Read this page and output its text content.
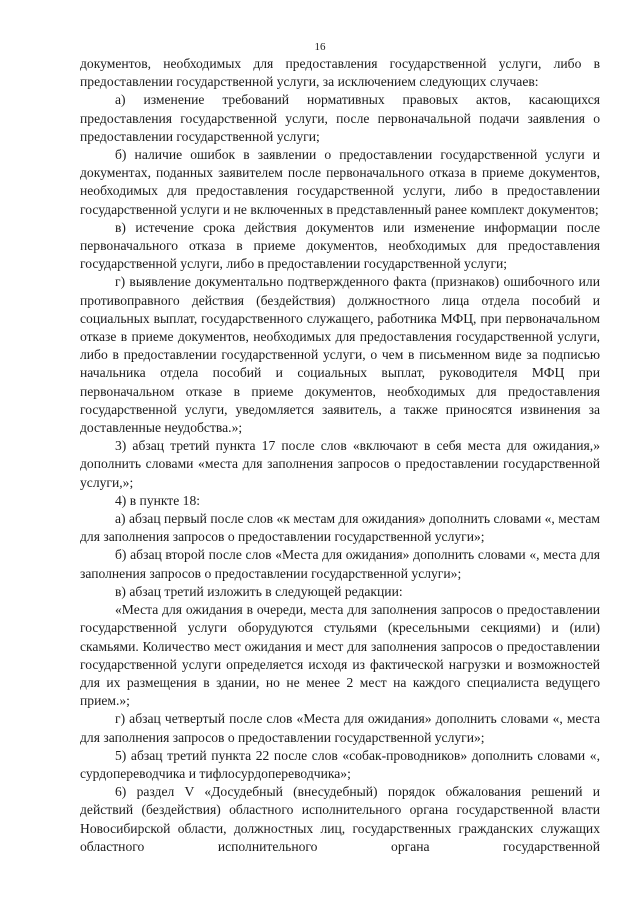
16

документов, необходимых для предоставления государственной услуги, либо в предоставлении государственной услуги, за исключением следующих случаев:

а) изменение требований нормативных правовых актов, касающихся предоставления государственной услуги, после первоначальной подачи заявления о предоставлении государственной услуги;

б) наличие ошибок в заявлении о предоставлении государственной услуги и документах, поданных заявителем после первоначального отказа в приеме документов, необходимых для предоставления государственной услуги, либо в предоставлении государственной услуги и не включенных в представленный ранее комплект документов;

в) истечение срока действия документов или изменение информации после первоначального отказа в приеме документов, необходимых для предоставления государственной услуги, либо в предоставлении государственной услуги;

г) выявление документально подтвержденного факта (признаков) ошибочного или противоправного действия (бездействия) должностного лица отдела пособий и социальных выплат, государственного служащего, работника МФЦ, при первоначальном отказе в приеме документов, необходимых для предоставления государственной услуги, либо в предоставлении государственной услуги, о чем в письменном виде за подписью начальника отдела пособий и социальных выплат, руководителя МФЦ при первоначальном отказе в приеме документов, необходимых для предоставления государственной услуги, уведомляется заявитель, а также приносятся извинения за доставленные неудобства.»;

3) абзац третий пункта 17 после слов «включают в себя места для ожидания,» дополнить словами «места для заполнения запросов о предоставлении государственной услуги,»;

4) в пункте 18:

а) абзац первый после слов «к местам для ожидания» дополнить словами «, местам для заполнения запросов о предоставлении государственной услуги»;

б) абзац второй после слов «Места для ожидания» дополнить словами «, места для заполнения запросов о предоставлении государственной услуги»;

в) абзац третий изложить в следующей редакции:

«Места для ожидания в очереди, места для заполнения запросов о предоставлении государственной услуги оборудуются стульями (кресельными секциями) и (или) скамьями. Количество мест ожидания и мест для заполнения запросов о предоставлении государственной услуги определяется исходя из фактической нагрузки и возможностей для их размещения в здании, но не менее 2 мест на каждого специалиста ведущего прием.»;

г) абзац четвертый после слов «Места для ожидания» дополнить словами «, места для заполнения запросов о предоставлении государственной услуги»;

5) абзац третий пункта 22 после слов «собак-проводников» дополнить словами «, сурдопереводчика и тифлосурдопереводчика»;

6) раздел V «Досудебный (внесудебный) порядок обжалования решений и действий (бездействия) областного исполнительного органа государственной власти Новосибирской области, должностных лиц, государственных гражданских служащих областного исполнительного органа государственной
